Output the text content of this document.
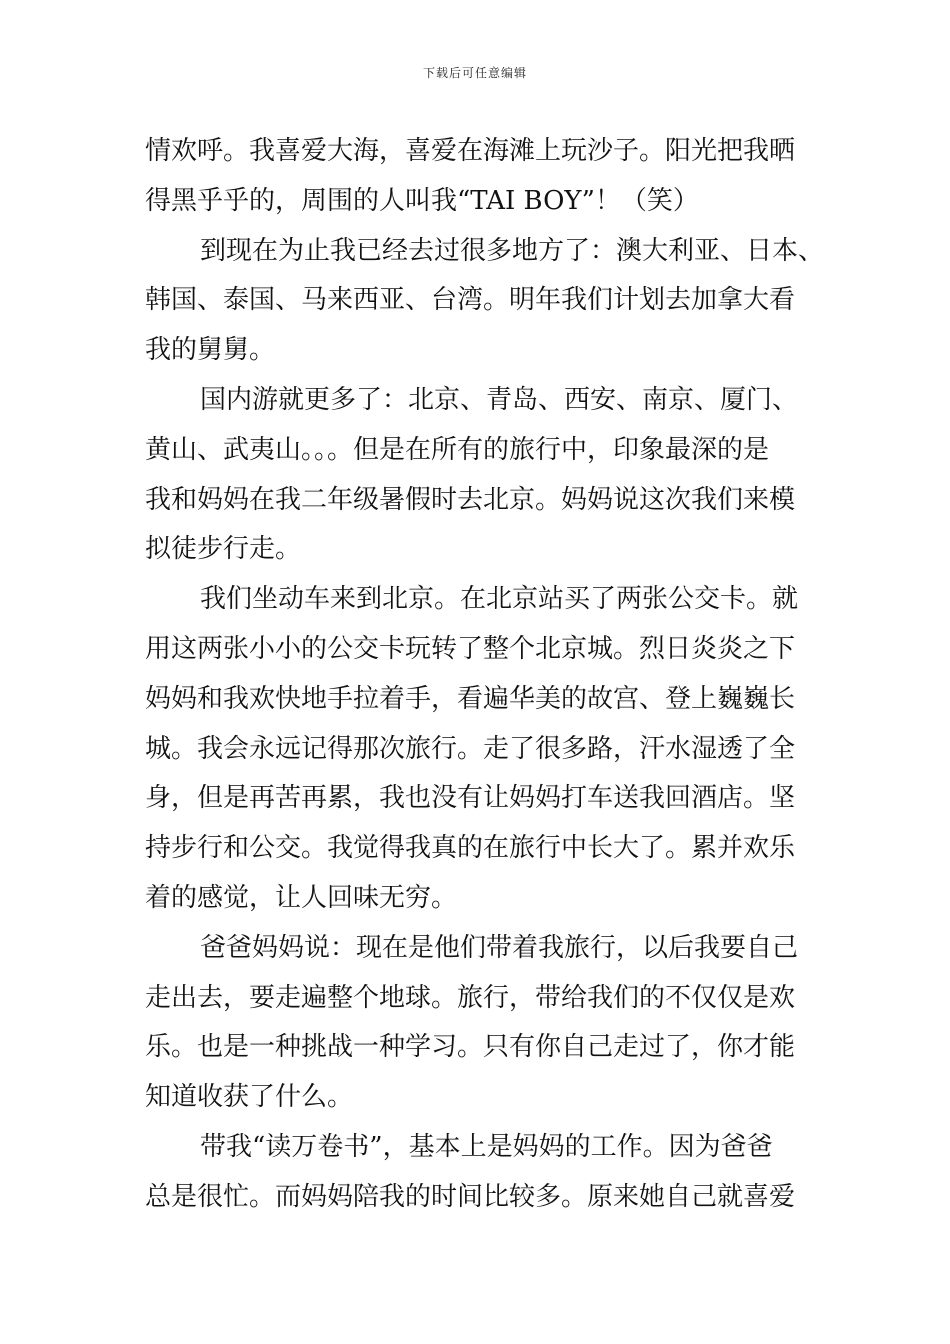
下载后可任意编辑
情欢呼。我喜爱大海，喜爱在海滩上玩沙子。阳光把我晒
得黑乎乎的，周围的人叫我“TAI BOY”！（笑）
到现在为止我已经去过很多地方了：澳大利亚、日本、
韩国、泰国、马来西亚、台湾。明年我们计划去加拿大看
我的舅舅。
国内游就更多了：北京、青岛、西安、南京、厦门、
黄山、武夷山。。。但是在所有的旅行中，印象最深的是
我和妈妈在我二年级暑假时去北京。妈妈说这次我们来模
拟徒步行走。
我们坐动车来到北京。在北京站买了两张公交卡。就
用这两张小小的公交卡玩转了整个北京城。烈日炎炎之下
妈妈和我欢快地手拉着手，看遍华美的故宫、登上巍巍长
城。我会永远记得那次旅行。走了很多路，汗水湿透了全
身，但是再苦再累，我也没有让妈妈打车送我回酒店。坚
持步行和公交。我觉得我真的在旅行中长大了。累并欢乐
着的感觉，让人回味无穷。
爸爸妈妈说：现在是他们带着我旅行，以后我要自己
走出去，要走遍整个地球。旅行，带给我们的不仅仅是欢
乐。也是一种挑战一种学习。只有你自己走过了，你才能
知道收获了什么。
带我“读万卷书”，基本上是妈妈的工作。因为爸爸
总是很忙。而妈妈陪我的时间比较多。原来她自己就喜爱
